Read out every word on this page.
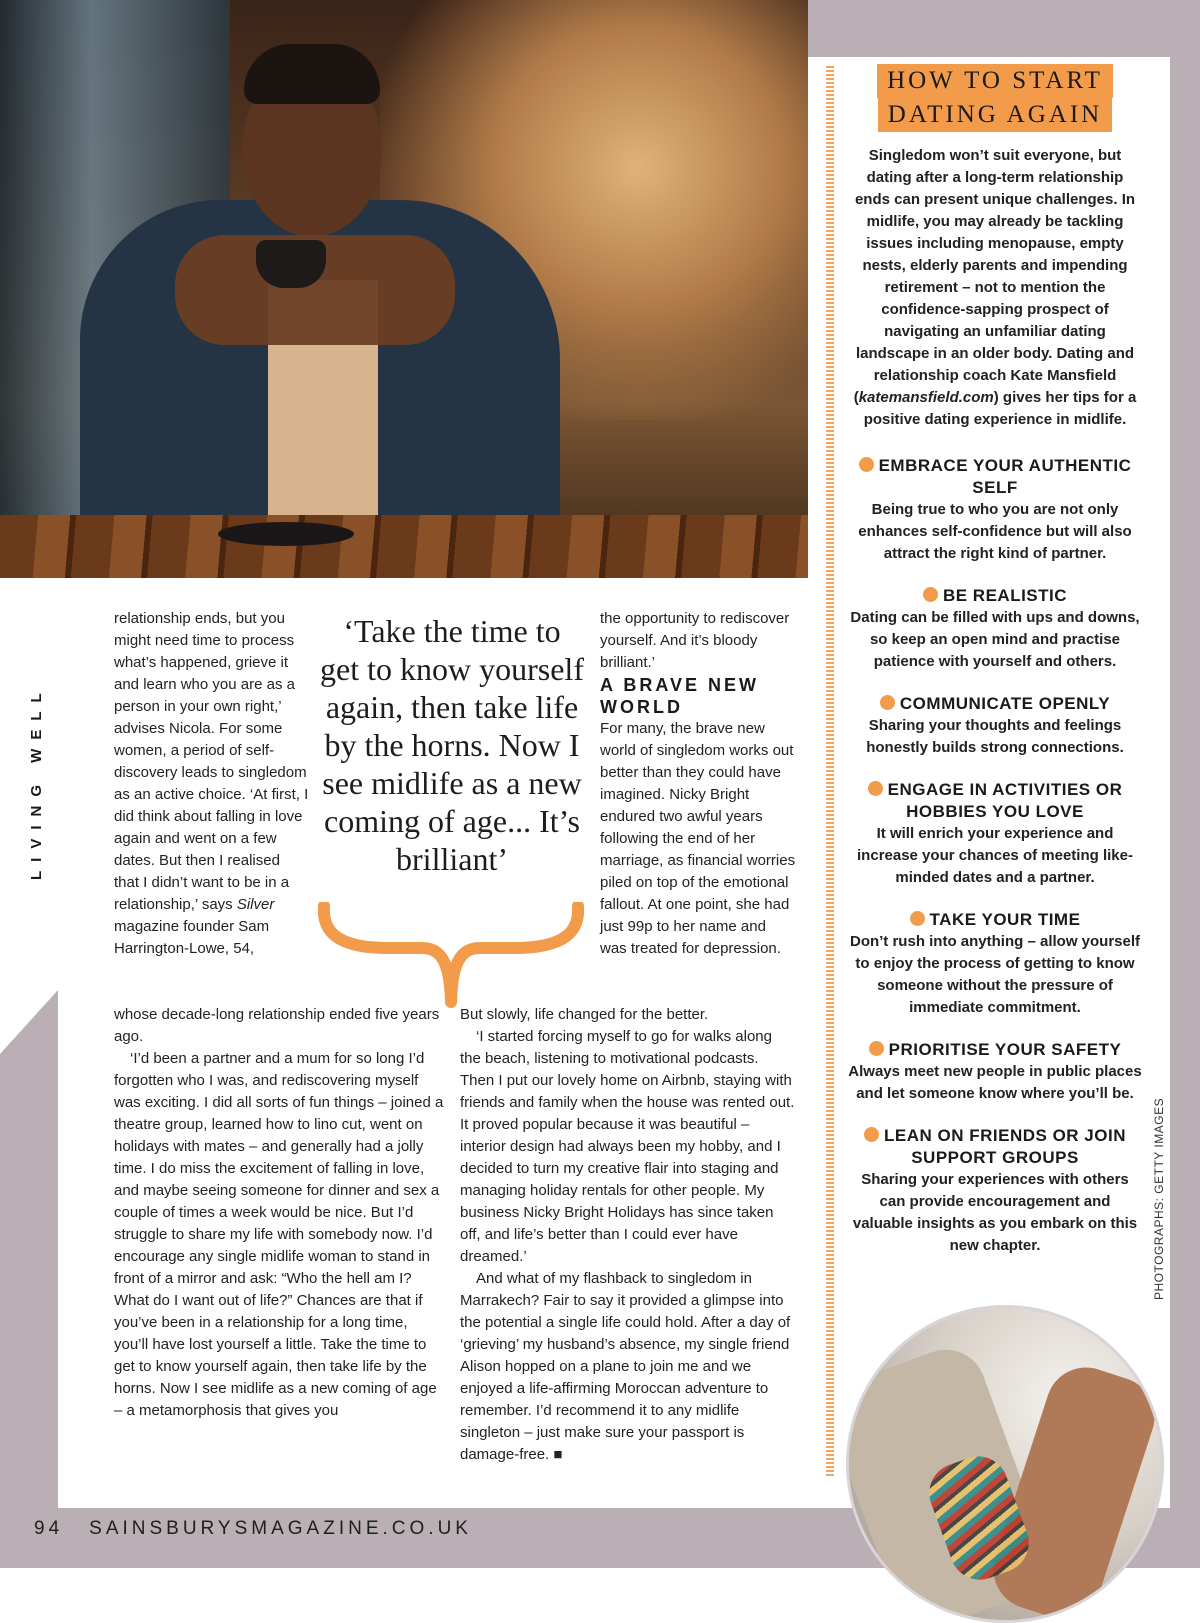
LIVING WELL

relationship ends, but you might need time to process what’s happened, grieve it and learn who you are as a person in your own right,’ advises Nicola. For some women, a period of self-discovery leads to singledom as an active choice. ‘At first, I did think about falling in love again and went on a few dates. But then I realised that I didn’t want to be in a relationship,’ says Silver magazine founder Sam Harrington-Lowe, 54,

whose decade-long relationship ended five years ago.

‘I’d been a partner and a mum for so long I’d forgotten who I was, and rediscovering myself was exciting. I did all sorts of fun things – joined a theatre group, learned how to lino cut, went on holidays with mates – and generally had a jolly time. I do miss the excitement of falling in love, and maybe seeing someone for dinner and sex a couple of times a week would be nice. But I’d struggle to share my life with somebody now. I’d encourage any single midlife woman to stand in front of a mirror and ask: “Who the hell am I? What do I want out of life?” Chances are that if you’ve been in a relationship for a long time, you’ll have lost yourself a little. Take the time to get to know yourself again, then take life by the horns. Now I see midlife as a new coming of age – a metamorphosis that gives you

‘Take the time to get to know yourself again, then take life by the horns. Now I see midlife as a new coming of age... It’s brilliant’

the opportunity to rediscover yourself. And it’s bloody brilliant.’

A BRAVE NEW WORLD

For many, the brave new world of singledom works out better than they could have imagined. Nicky Bright endured two awful years following the end of her marriage, as financial worries piled on top of the emotional fallout. At one point, she had just 99p to her name and was treated for depression.

But slowly, life changed for the better.

‘I started forcing myself to go for walks along the beach, listening to motivational podcasts. Then I put our lovely home on Airbnb, staying with friends and family when the house was rented out. It proved popular because it was beautiful – interior design had always been my hobby, and I decided to turn my creative flair into staging and managing holiday rentals for other people. My business Nicky Bright Holidays has since taken off, and life’s better than I could ever have dreamed.’

And what of my flashback to singledom in Marrakech? Fair to say it provided a glimpse into the potential a single life could hold. After a day of ‘grieving’ my husband’s absence, my single friend Alison hopped on a plane to join me and we enjoyed a life-affirming Moroccan adventure to remember. I’d recommend it to any midlife singleton – just make sure your passport is damage-free. ■

HOW TO START
DATING AGAIN

Singledom won’t suit everyone, but dating after a long-term relationship ends can present unique challenges. In midlife, you may already be tackling issues including menopause, empty nests, elderly parents and impending retirement – not to mention the confidence-sapping prospect of navigating an unfamiliar dating landscape in an older body. Dating and relationship coach Kate Mansfield (katemansfield.com) gives her tips for a positive dating experience in midlife.

EMBRACE YOUR AUTHENTIC SELF

Being true to who you are not only enhances self-confidence but will also attract the right kind of partner.

BE REALISTIC

Dating can be filled with ups and downs, so keep an open mind and practise patience with yourself and others.

COMMUNICATE OPENLY

Sharing your thoughts and feelings honestly builds strong connections.

ENGAGE IN ACTIVITIES OR HOBBIES YOU LOVE

It will enrich your experience and increase your chances of meeting like-minded dates and a partner.

TAKE YOUR TIME

Don’t rush into anything – allow yourself to enjoy the process of getting to know someone without the pressure of immediate commitment.

PRIORITISE YOUR SAFETY

Always meet new people in public places and let someone know where you’ll be.

LEAN ON FRIENDS OR JOIN SUPPORT GROUPS

Sharing your experiences with others can provide encouragement and valuable insights as you embark on this new chapter.	PHOTOGRAPHS: GETTY IMAGES
94 SAINSBURYSMAGAZINE.CO.UK
